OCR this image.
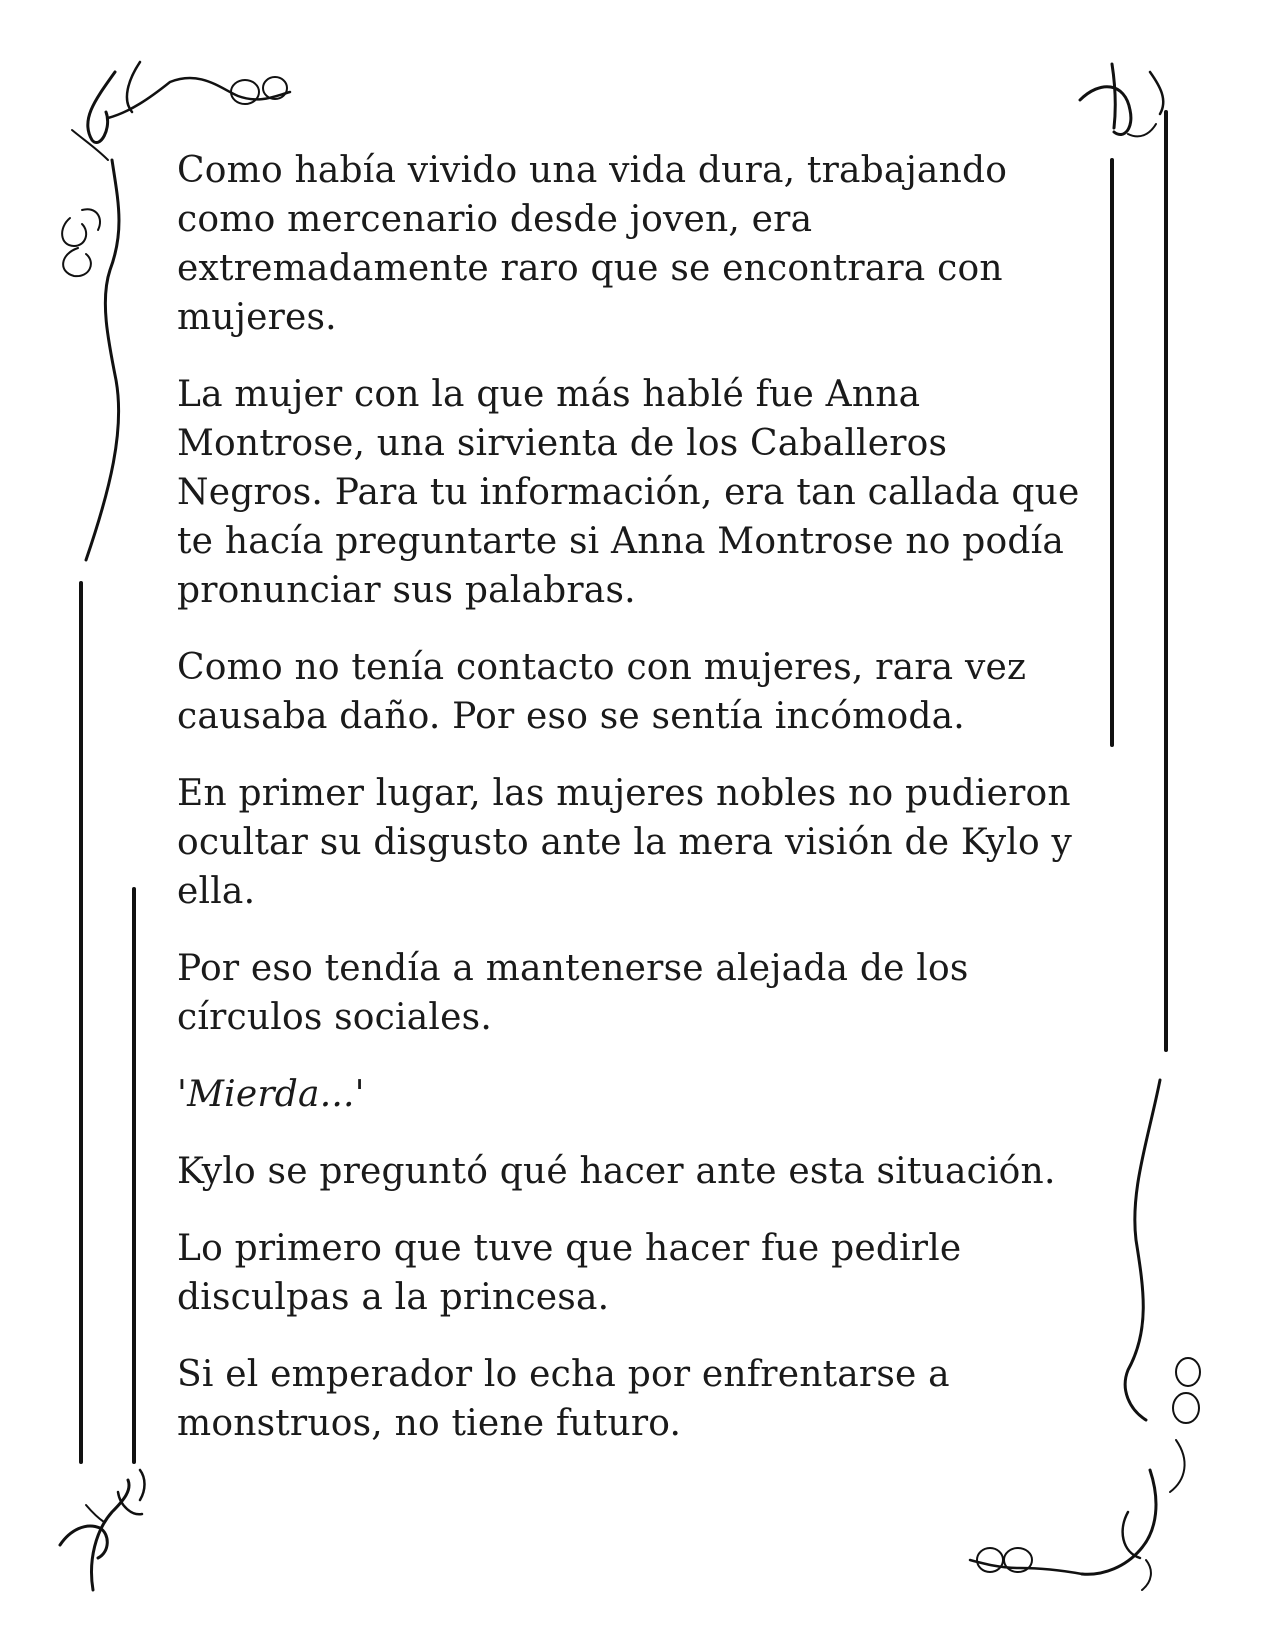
Como había vivido una vida dura, trabajando como mercenario desde joven, era extremadamente raro que se encontrara con mujeres.

La mujer con la que más hablé fue Anna Montrose, una sirvienta de los Caballeros Negros. Para tu información, era tan callada que te hacía preguntarte si Anna Montrose no podía pronunciar sus palabras.

Como no tenía contacto con mujeres, rara vez causaba daño. Por eso se sentía incómoda.

En primer lugar, las mujeres nobles no pudieron ocultar su disgusto ante la mera visión de Kylo y ella.

Por eso tendía a mantenerse alejada de los círculos sociales.

'Mierda...'

Kylo se preguntó qué hacer ante esta situación.

Lo primero que tuve que hacer fue pedirle disculpas a la princesa.

Si el emperador lo echa por enfrentarse a monstruos, no tiene futuro.
